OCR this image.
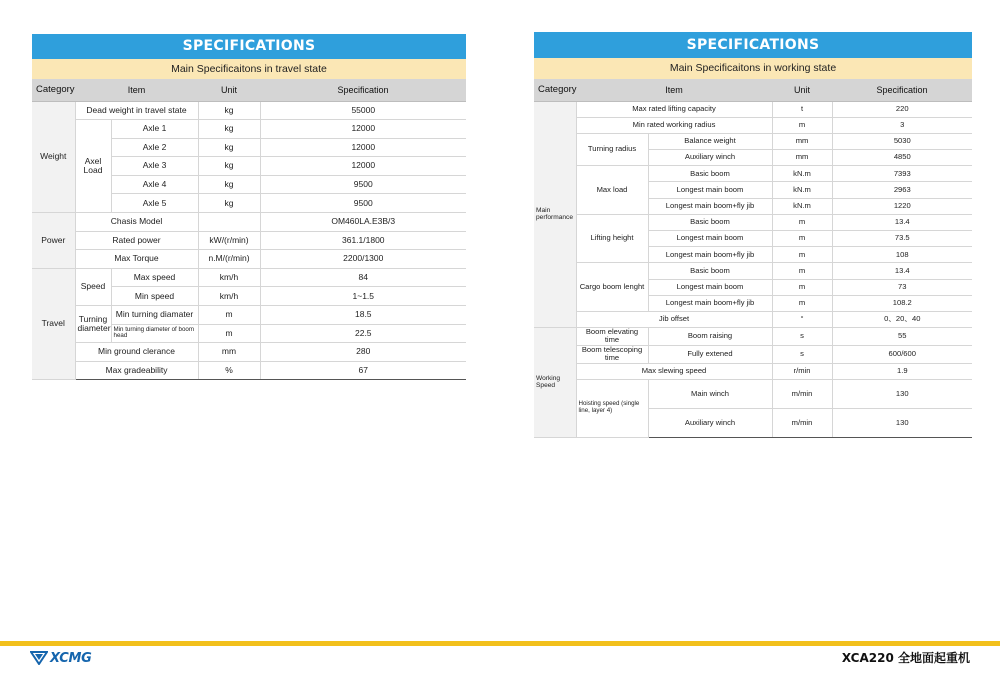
SPECIFICATIONS
Main Specificaitons in travel state
Category	Item		Unit	Specification
Weight	Dead weight in travel state		kg	55000
	Axel Load	Axle 1	kg	12000
		Axle 2	kg	12000
		Axle 3	kg	12000
		Axle 4	kg	9500
		Axle 5	kg	9500
Power	Chasis Model			OM460LA.E3B/3
	Rated power		kW/(r/min)	361.1/1800
	Max Torque		n.M/(r/min)	2200/1300
Travel	Speed	Max speed	km/h	84
		Min speed	km/h	1~1.5
	Turning diameter	Min turning diamater	m	18.5
		Min turning diameter of boom head	m	22.5
	Min ground clerance		mm	280
	Max gradeability		%	67
SPECIFICATIONS
Main Specificaitons in working state
Category	Item		Unit	Specification
Main performance	Max rated lifting capacity		t	220
	Min rated working radius		m	3
	Turning radius	Balance weight	mm	5030
		Auxiliary winch	mm	4850
	Max load	Basic boom	kN.m	7393
		Longest main boom	kN.m	2963
		Longest main boom+fly jib	kN.m	1220
	Lifting height	Basic boom	m	13.4
		Longest main boom	m	73.5
		Longest main boom+fly jib	m	108
	Cargo boom lenght	Basic boom	m	13.4
		Longest main boom	m	73
		Longest main boom+fly jib	m	108.2
	Jib offset		°	0、20、40
Working Speed	Boom elevating time	Boom raising	s	55
	Boom telescoping time	Fully extened	s	600/600
	Max slewing speed		r/min	1.9
	Hoisting speed (single line, layer 4)	Main winch	m/min	130
		Auxiliary winch	m/min	130
XCMG	XCA220 全地面起重机
